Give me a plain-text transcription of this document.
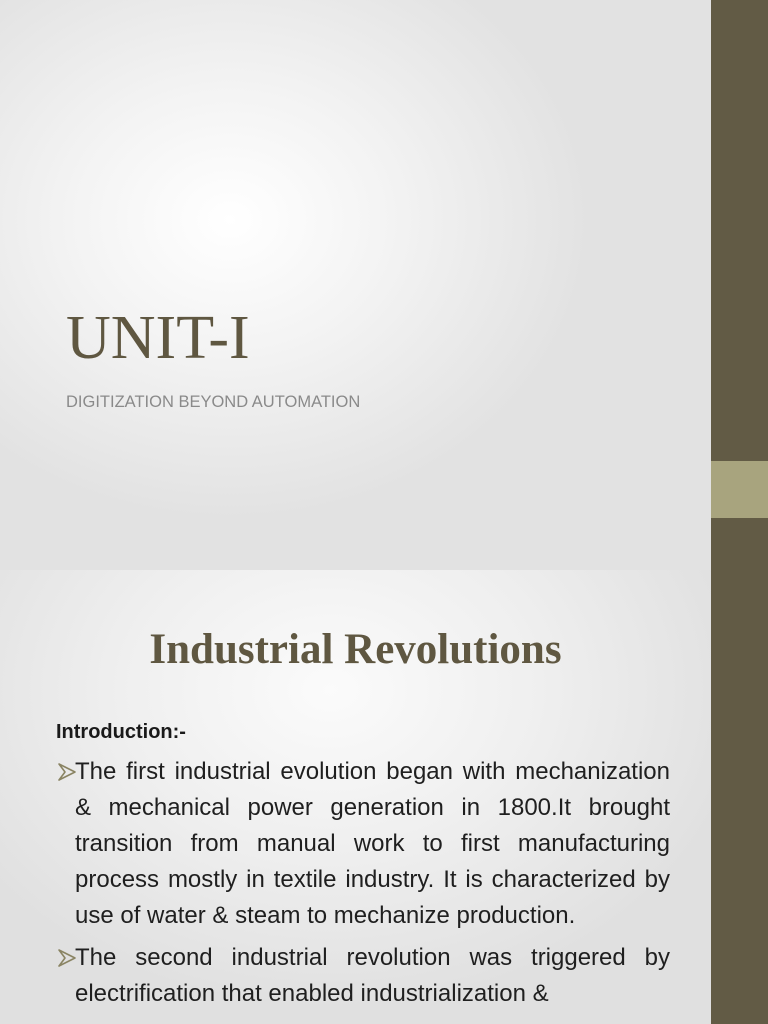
UNIT-I

DIGITIZATION BEYOND AUTOMATION

Industrial Revolutions

Introduction:-

The first industrial evolution began with mechanization & mechanical power generation in 1800.It brought transition from manual work to first manufacturing process mostly in textile industry. It is characterized by use of water & steam to mechanize production.
The second industrial revolution was triggered by electrification that enabled industrialization &
